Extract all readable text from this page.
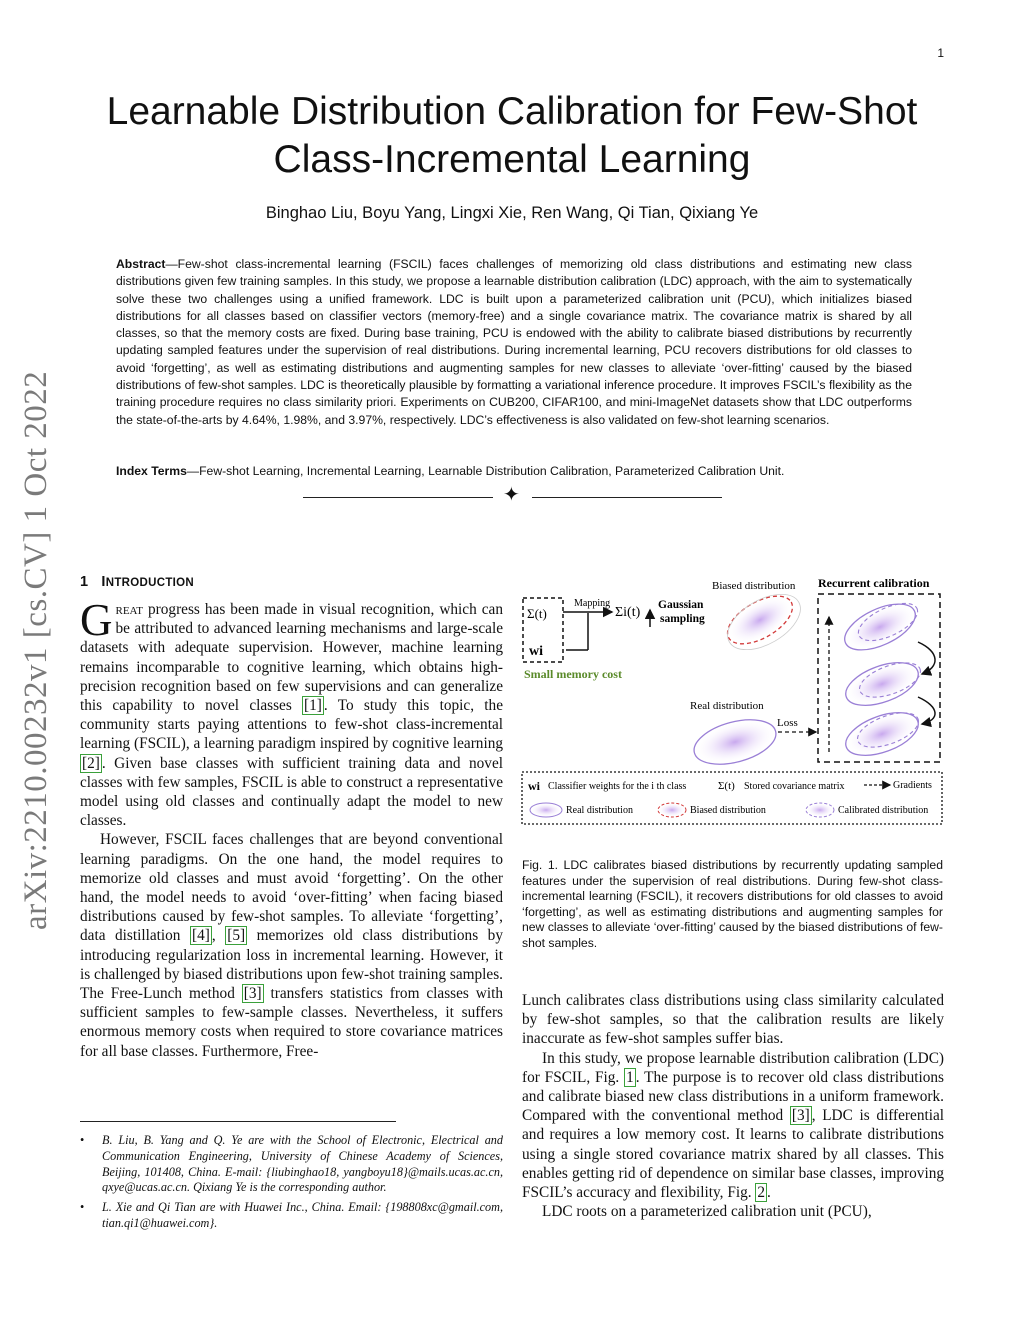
1
arXiv:2210.00232v1 [cs.CV] 1 Oct 2022
Learnable Distribution Calibration for Few-Shot
Class-Incremental Learning
Binghao Liu, Boyu Yang, Lingxi Xie, Ren Wang, Qi Tian, Qixiang Ye

Abstract—Few-shot class-incremental learning (FSCIL) faces challenges of memorizing old class distributions and estimating new class distributions given few training samples. In this study, we propose a learnable distribution calibration (LDC) approach, with the aim to systematically solve these two challenges using a unified framework. LDC is built upon a parameterized calibration unit (PCU), which initializes biased distributions for all classes based on classifier vectors (memory-free) and a single covariance matrix. The covariance matrix is shared by all classes, so that the memory costs are fixed. During base training, PCU is endowed with the ability to calibrate biased distributions by recurrently updating sampled features under the supervision of real distributions. During incremental learning, PCU recovers distributions for old classes to avoid ‘forgetting’, as well as estimating distributions and augmenting samples for new classes to alleviate ‘over-fitting’ caused by the biased distributions of few-shot samples. LDC is theoretically plausible by formatting a variational inference procedure. It improves FSCIL’s flexibility as the training procedure requires no class similarity priori. Experiments on CUB200, CIFAR100, and mini-ImageNet datasets show that LDC outperforms the state-of-the-arts by 4.64%, 1.98%, and 3.97%, respectively. LDC’s effectiveness is also validated on few-shot learning scenarios.

Index Terms—Few-shot Learning, Incremental Learning, Learnable Distribution Calibration, Parameterized Calibration Unit.

✦
1 INTRODUCTION

Great progress has been made in visual recognition, which can be attributed to advanced learning mechanisms and large-scale datasets with adequate supervision. However, machine learning remains incomparable to cognitive learning, which obtains high-precision recognition based on few supervisions and can generalize this capability to novel classes [1] . To study this topic, the community starts paying attentions to few-shot class-incremental learning (FSCIL), a learning paradigm inspired by cognitive learning [2] . Given base classes with sufficient training data and novel classes with few samples, FSCIL is able to construct a representative model using old classes and continually adapt the model to new classes.

However, FSCIL faces challenges that are beyond conventional learning paradigms. On the one hand, the model requires to memorize old classes and must avoid ‘forgetting’. On the other hand, the model needs to avoid ‘over-fitting’ when facing biased distributions caused by few-shot samples. To alleviate ‘forgetting’, data distillation [4] , [5] memorizes old class distributions by introducing regularization loss in incremental learning. However, it is challenged by biased distributions upon few-shot training samples. The Free-Lunch method [3] transfers statistics from classes with sufficient samples to few-sample classes. Nevertheless, it suffers enormous memory costs when required to store covariance matrices for all base classes. Furthermore, Free-

• B. Liu, B. Yang and Q. Ye are with the School of Electronic, Electrical and Communication Engineering, University of Chinese Academy of Sciences, Beijing, 101408, China. E-mail: {liubinghao18, yangboyu18}@mails.ucas.ac.cn, qxye@ucas.ac.cn. Qixiang Ye is the corresponding author.

• L. Xie and Qi Tian are with Huawei Inc., China. Email: {198808xc@gmail.com, tian.qi1@huawei.com}.

Biased distribution Recurrent calibration
Σ(t)
wi
Small memory cost
Mapping
Σi(t) Gaussian
sampling
Real distribution
Loss
wi Classifier weights for the i th class	Σ(t) Stored covariance matrix	Gradients
Real distribution	Biased distribution	Calibrated distribution

Fig. 1. LDC calibrates biased distributions by recurrently updating sampled features under the supervision of real distributions. During few-shot class-incremental learning (FSCIL), it recovers distributions for old classes to avoid ‘forgetting’, as well as estimating distributions and augmenting samples for new classes to alleviate ‘over-fitting’ caused by the biased distributions of few-shot samples.

Lunch calibrates class distributions using class similarity calculated by few-shot samples, so that the calibration results are likely inaccurate as few-shot samples suffer bias.

In this study, we propose learnable distribution calibration (LDC) for FSCIL, Fig. 1 . The purpose is to recover old class distributions and calibrate biased new class distributions in a uniform framework. Compared with the conventional method [3] , LDC is differential and requires a low memory cost. It learns to calibrate distributions using a single stored covariance matrix shared by all classes. This enables getting rid of dependence on similar base classes, improving FSCIL’s accuracy and flexibility, Fig. 2 .

LDC roots on a parameterized calibration unit (PCU),
